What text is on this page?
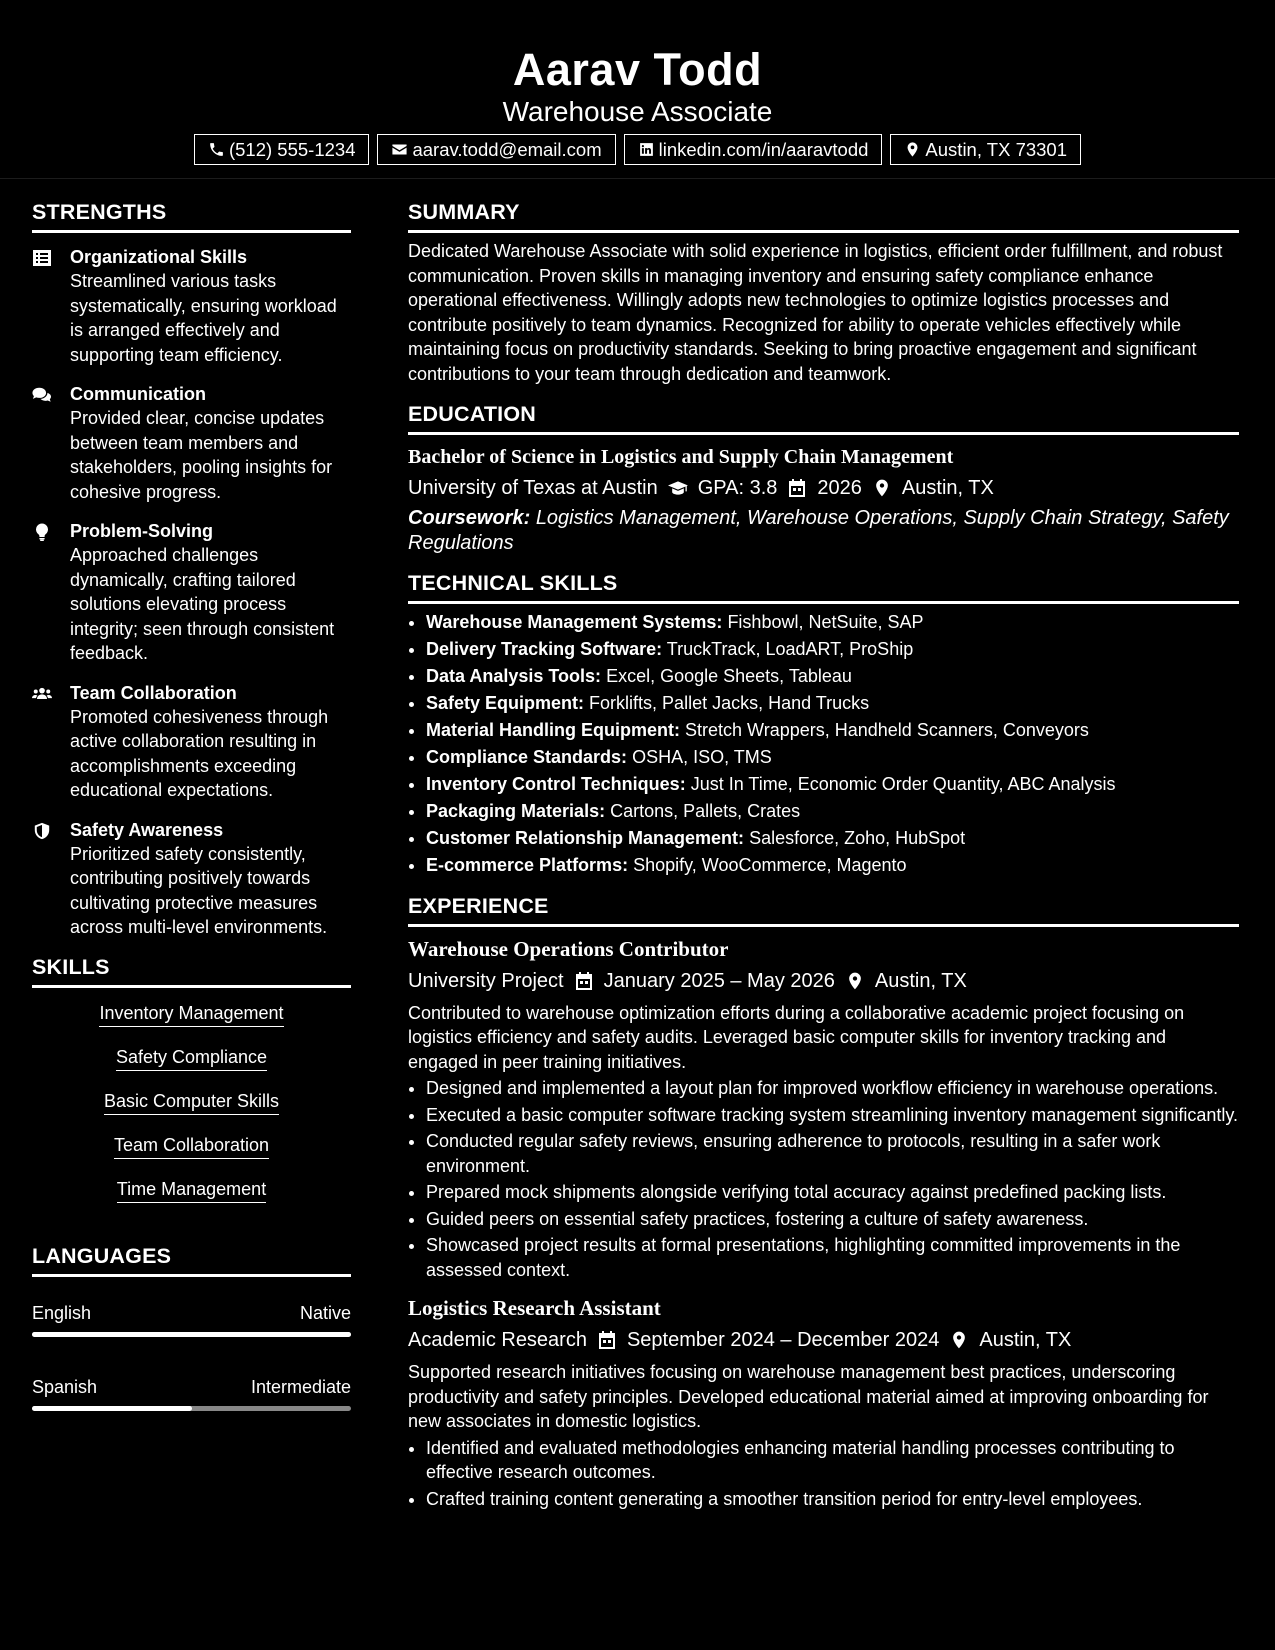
Aarav Todd
Warehouse Associate
(512) 555-1234	aarav.todd@email.com	linkedin.com/in/aaravtodd	Austin, TX 73301
STRENGTHS
Organizational Skills
Streamlined various tasks systematically, ensuring workload is arranged effectively and supporting team efficiency.
Communication
Provided clear, concise updates between team members and stakeholders, pooling insights for cohesive progress.
Problem-Solving
Approached challenges dynamically, crafting tailored solutions elevating process integrity; seen through consistent feedback.
Team Collaboration
Promoted cohesiveness through active collaboration resulting in accomplishments exceeding educational expectations.
Safety Awareness
Prioritized safety consistently, contributing positively towards cultivating protective measures across multi-level environments.
SKILLS
Inventory Management
Safety Compliance
Basic Computer Skills
Team Collaboration
Time Management
LANGUAGES
English	Native
Spanish	Intermediate
SUMMARY
Dedicated Warehouse Associate with solid experience in logistics, efficient order fulfillment, and robust communication. Proven skills in managing inventory and ensuring safety compliance enhance operational effectiveness. Willingly adopts new technologies to optimize logistics processes and contribute positively to team dynamics. Recognized for ability to operate vehicles effectively while maintaining focus on productivity standards. Seeking to bring proactive engagement and significant contributions to your team through dedication and teamwork.
EDUCATION
Bachelor of Science in Logistics and Supply Chain Management
University of Texas at Austin GPA: 3.8 2026 Austin, TX
Coursework: Logistics Management, Warehouse Operations, Supply Chain Strategy, Safety Regulations
TECHNICAL SKILLS
• Warehouse Management Systems: Fishbowl, NetSuite, SAP
• Delivery Tracking Software: TruckTrack, LoadART, ProShip
• Data Analysis Tools: Excel, Google Sheets, Tableau
• Safety Equipment: Forklifts, Pallet Jacks, Hand Trucks
• Material Handling Equipment: Stretch Wrappers, Handheld Scanners, Conveyors
• Compliance Standards: OSHA, ISO, TMS
• Inventory Control Techniques: Just In Time, Economic Order Quantity, ABC Analysis
• Packaging Materials: Cartons, Pallets, Crates
• Customer Relationship Management: Salesforce, Zoho, HubSpot
• E-commerce Platforms: Shopify, WooCommerce, Magento
EXPERIENCE
Warehouse Operations Contributor
University Project January 2025 – May 2026 Austin, TX
Contributed to warehouse optimization efforts during a collaborative academic project focusing on logistics efficiency and safety audits. Leveraged basic computer skills for inventory tracking and engaged in peer training initiatives.
• Designed and implemented a layout plan for improved workflow efficiency in warehouse operations.
• Executed a basic computer software tracking system streamlining inventory management significantly.
• Conducted regular safety reviews, ensuring adherence to protocols, resulting in a safer work environment.
• Prepared mock shipments alongside verifying total accuracy against predefined packing lists.
• Guided peers on essential safety practices, fostering a culture of safety awareness.
• Showcased project results at formal presentations, highlighting committed improvements in the assessed context.
Logistics Research Assistant
Academic Research September 2024 – December 2024 Austin, TX
Supported research initiatives focusing on warehouse management best practices, underscoring productivity and safety principles. Developed educational material aimed at improving onboarding for new associates in domestic logistics.
• Identified and evaluated methodologies enhancing material handling processes contributing to effective research outcomes.
• Crafted training content generating a smoother transition period for entry-level employees.
